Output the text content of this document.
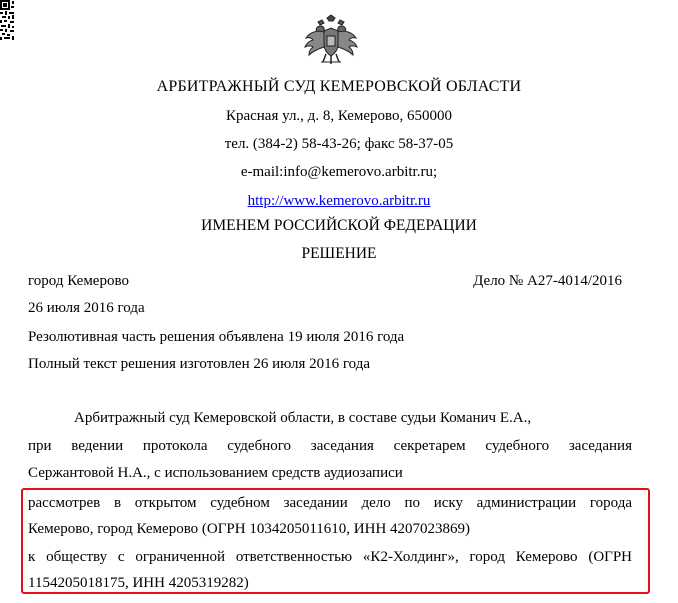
АРБИТРАЖНЫЙ СУД КЕМЕРОВСКОЙ ОБЛАСТИ
Красная ул., д. 8, Кемерово, 650000
тел. (384-2) 58-43-26; факс 58-37-05
e-mail:info@kemerovo.arbitr.ru;
http://www.kemerovo.arbitr.ru
ИМЕНЕМ РОССИЙСКОЙ ФЕДЕРАЦИИ
РЕШЕНИЕ
город Кемерово	Дело № А27-4014/2016
26 июля 2016 года
Резолютивная часть решения объявлена 19 июля 2016 года
Полный текст решения изготовлен 26 июля 2016 года
Арбитражный суд Кемеровской области, в составе судьи Команич Е.А.,
при ведении протокола судебного заседания секретарем судебного заседания
Сержантовой Н.А., с использованием средств аудиозаписи
рассмотрев в открытом судебном заседании дело по иску администрации города
Кемерово, город Кемерово (ОГРН 1034205011610, ИНН 4207023869)
к обществу с ограниченной ответственностью «К2-Холдинг», город Кемерово (ОГРН
1154205018175, ИНН 4205319282)
